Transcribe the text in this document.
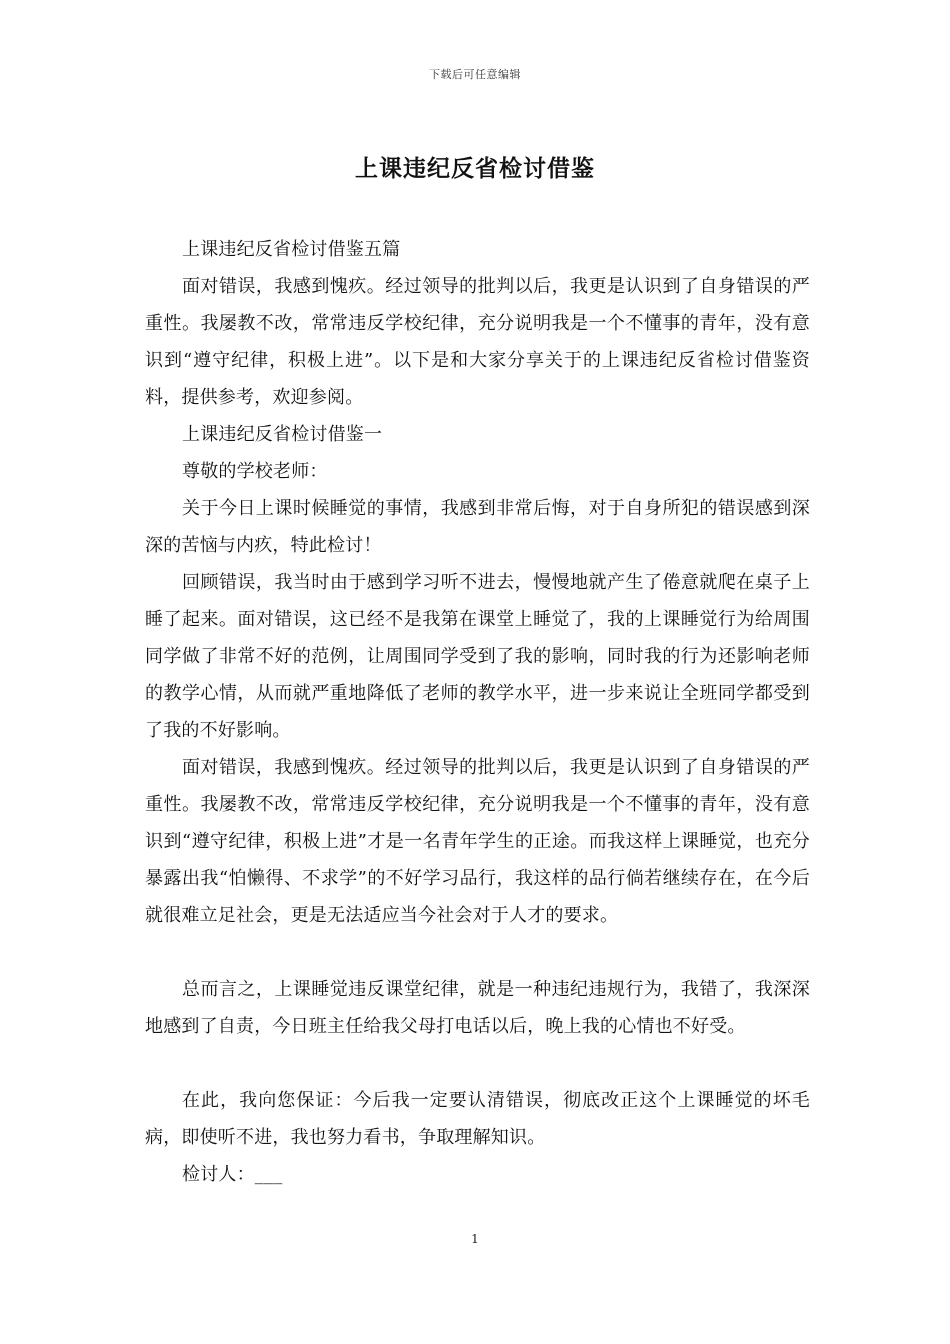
下载后可任意编辑
上课违纪反省检讨借鉴

上课违纪反省检讨借鉴五篇

面对错误，我感到愧疚。经过领导的批判以后，我更是认识到了自身错误的严重性。我屡教不改，常常违反学校纪律，充分说明我是一个不懂事的青年，没有意识到“遵守纪律，积极上进”。以下是和大家分享关于的上课违纪反省检讨借鉴资料，提供参考，欢迎参阅。

上课违纪反省检讨借鉴一

尊敬的学校老师：

关于今日上课时候睡觉的事情，我感到非常后悔，对于自身所犯的错误感到深深的苦恼与内疚，特此检讨！

回顾错误，我当时由于感到学习听不进去，慢慢地就产生了倦意就爬在桌子上睡了起来。面对错误，这已经不是我第在课堂上睡觉了，我的上课睡觉行为给周围同学做了非常不好的范例，让周围同学受到了我的影响，同时我的行为还影响老师的教学心情，从而就严重地降低了老师的教学水平，进一步来说让全班同学都受到了我的不好影响。

面对错误，我感到愧疚。经过领导的批判以后，我更是认识到了自身错误的严重性。我屡教不改，常常违反学校纪律，充分说明我是一个不懂事的青年，没有意识到“遵守纪律，积极上进”才是一名青年学生的正途。而我这样上课睡觉，也充分暴露出我“怕懒得、不求学”的不好学习品行，我这样的品行倘若继续存在，在今后就很难立足社会，更是无法适应当今社会对于人才的要求。

总而言之，上课睡觉违反课堂纪律，就是一种违纪违规行为，我错了，我深深地感到了自责，今日班主任给我父母打电话以后，晚上我的心情也不好受。

在此，我向您保证：今后我一定要认清错误，彻底改正这个上课睡觉的坏毛病，即使听不进，我也努力看书，争取理解知识。

检讨人：___

1
